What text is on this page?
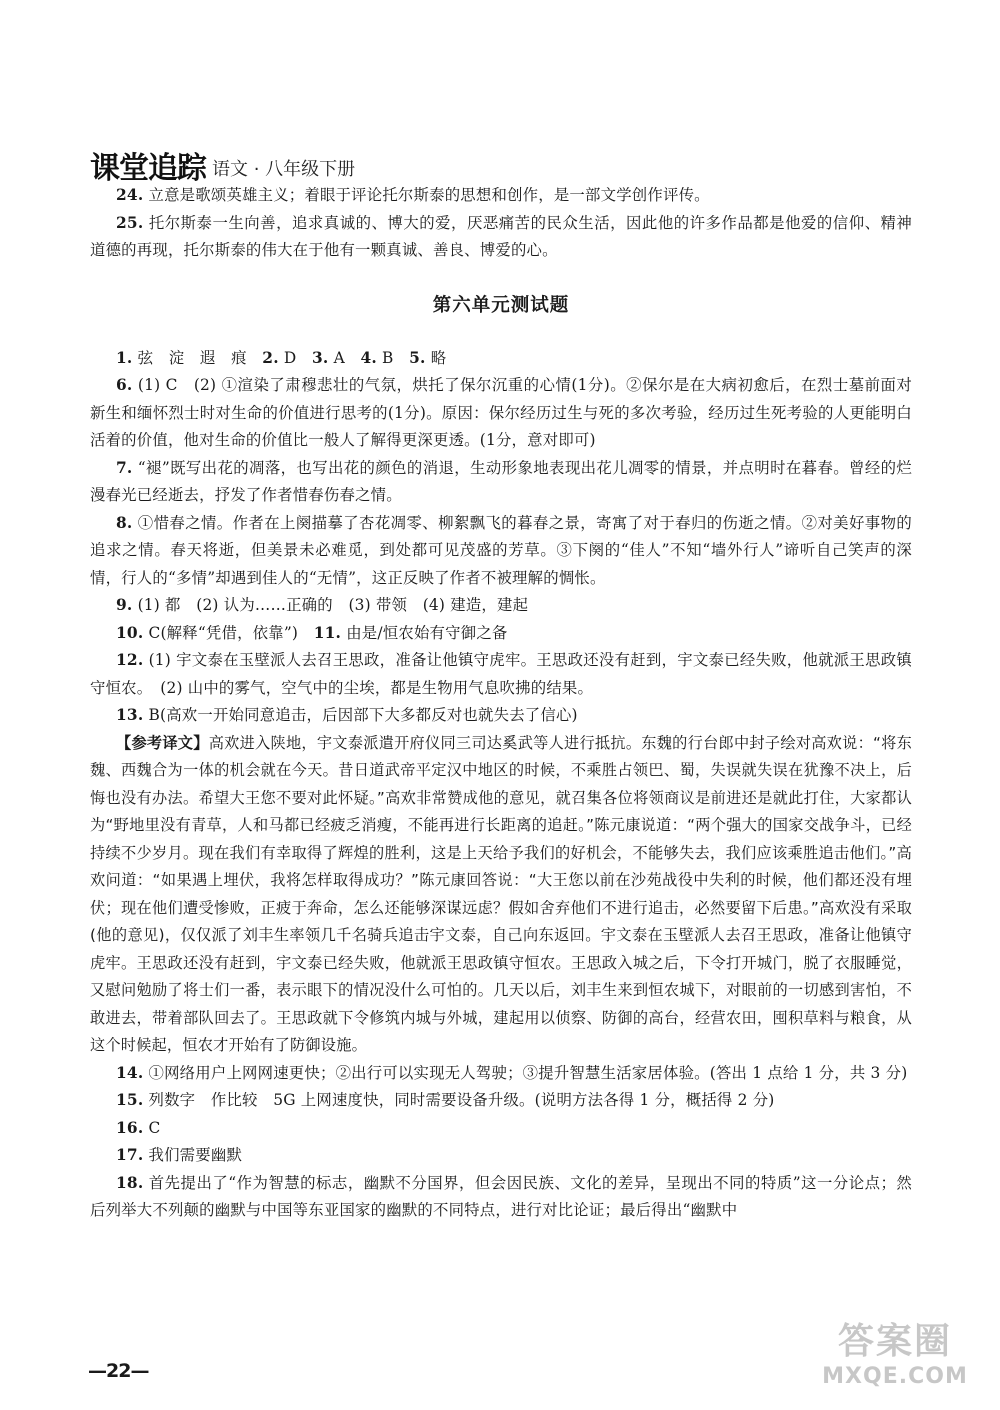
课堂追踪 语文 · 八年级下册

24. 立意是歌颂英雄主义；着眼于评论托尔斯泰的思想和创作，是一部文学创作评传。

25. 托尔斯泰一生向善，追求真诚的、博大的爱，厌恶痛苦的民众生活，因此他的许多作品都是他爱的信仰、精神道德的再现，托尔斯泰的伟大在于他有一颗真诚、善良、博爱的心。

第六单元测试题

1. 弦　淀　遐　痕　2. D　3. A　4. B　5. 略

6. (1) C　(2) ①渲染了肃穆悲壮的气氛，烘托了保尔沉重的心情(1分)。②保尔是在大病初愈后，在烈士墓前面对新生和缅怀烈士时对生命的价值进行思考的(1分)。原因：保尔经历过生与死的多次考验，经历过生死考验的人更能明白活着的价值，他对生命的价值比一般人了解得更深更透。(1分，意对即可)

7. “褪”既写出花的凋落，也写出花的颜色的消退，生动形象地表现出花儿凋零的情景，并点明时在暮春。曾经的烂漫春光已经逝去，抒发了作者惜春伤春之情。

8. ①惜春之情。作者在上阕描摹了杏花凋零、柳絮飘飞的暮春之景，寄寓了对于春归的伤逝之情。②对美好事物的追求之情。春天将逝，但美景未必难觅，到处都可见茂盛的芳草。③下阕的“佳人”不知“墙外行人”谛听自己笑声的深情，行人的“多情”却遇到佳人的“无情”，这正反映了作者不被理解的惆怅。

9. (1) 都　(2) 认为……正确的　(3) 带领　(4) 建造，建起

10. C(解释“凭借，依靠”)　11. 由是/恒农始有守御之备

12. (1) 宇文泰在玉壁派人去召王思政，准备让他镇守虎牢。王思政还没有赶到，宇文泰已经失败，他就派王思政镇守恒农。　(2) 山中的雾气，空气中的尘埃，都是生物用气息吹拂的结果。

13. B(高欢一开始同意追击，后因部下大多都反对也就失去了信心)

【参考译文】高欢进入陕地，宇文泰派遣开府仪同三司达奚武等人进行抵抗。东魏的行台郎中封子绘对高欢说：“将东魏、西魏合为一体的机会就在今天。昔日道武帝平定汉中地区的时候，不乘胜占领巴、蜀，失误就失误在犹豫不决上，后悔也没有办法。希望大王您不要对此怀疑。”高欢非常赞成他的意见，就召集各位将领商议是前进还是就此打住，大家都认为“野地里没有青草，人和马都已经疲乏消瘦，不能再进行长距离的追赶。”陈元康说道：“两个强大的国家交战争斗，已经持续不少岁月。现在我们有幸取得了辉煌的胜利，这是上天给予我们的好机会，不能够失去，我们应该乘胜追击他们。”高欢问道：“如果遇上埋伏，我将怎样取得成功？”陈元康回答说：“大王您以前在沙苑战役中失利的时候，他们都还没有埋伏；现在他们遭受惨败，正疲于奔命，怎么还能够深谋远虑？假如舍弃他们不进行追击，必然要留下后患。”高欢没有采取(他的意见)，仅仅派了刘丰生率领几千名骑兵追击宇文泰，自己向东返回。宇文泰在玉壁派人去召王思政，准备让他镇守虎牢。王思政还没有赶到，宇文泰已经失败，他就派王思政镇守恒农。王思政入城之后，下令打开城门，脱了衣服睡觉，又慰问勉励了将士们一番，表示眼下的情况没什么可怕的。几天以后，刘丰生来到恒农城下，对眼前的一切感到害怕，不敢进去，带着部队回去了。王思政就下令修筑内城与外城，建起用以侦察、防御的高台，经营农田，囤积草料与粮食，从这个时候起，恒农才开始有了防御设施。

14. ①网络用户上网网速更快；②出行可以实现无人驾驶；③提升智慧生活家居体验。(答出 1 点给 1 分，共 3 分)

15. 列数字　作比较　5G 上网速度快，同时需要设备升级。(说明方法各得 1 分，概括得 2 分)

16. C

17. 我们需要幽默

18. 首先提出了“作为智慧的标志，幽默不分国界，但会因民族、文化的差异，呈现出不同的特质”这一分论点；然后列举大不列颠的幽默与中国等东亚国家的幽默的不同特点，进行对比论证；最后得出“幽默中

—22—
答案圈
MXQE.COM
